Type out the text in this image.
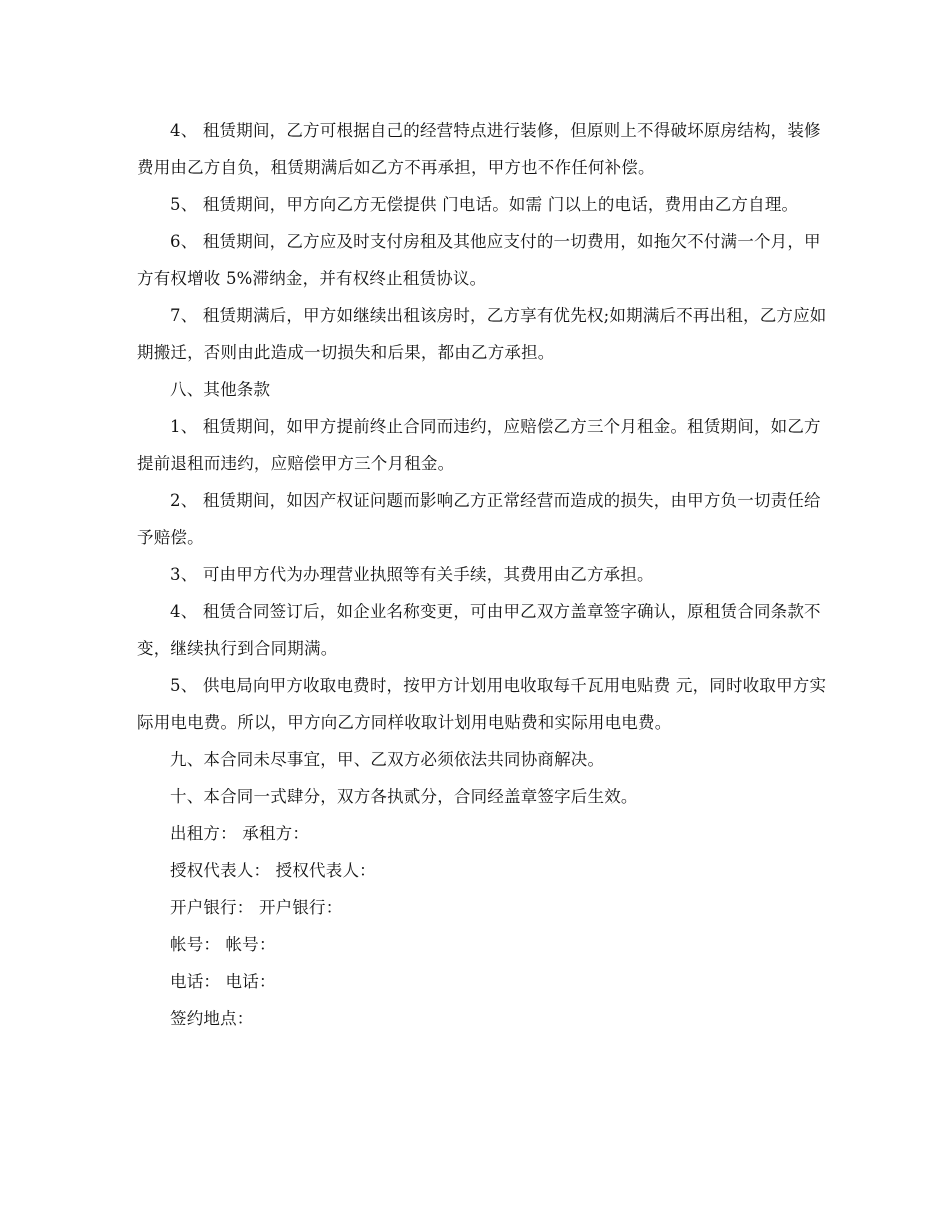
4、 租赁期间，乙方可根据自己的经营特点进行装修，但原则上不得破坏原房结构，装修费用由乙方自负，租赁期满后如乙方不再承担，甲方也不作任何补偿。

5、 租赁期间，甲方向乙方无偿提供 门电话。如需 门以上的电话，费用由乙方自理。

6、 租赁期间，乙方应及时支付房租及其他应支付的一切费用，如拖欠不付满一个月，甲方有权增收 5%滞纳金，并有权终止租赁协议。

7、 租赁期满后，甲方如继续出租该房时，乙方享有优先权;如期满后不再出租，乙方应如期搬迁，否则由此造成一切损失和后果，都由乙方承担。

八、其他条款

1、 租赁期间，如甲方提前终止合同而违约，应赔偿乙方三个月租金。租赁期间，如乙方提前退租而违约，应赔偿甲方三个月租金。

2、 租赁期间，如因产权证问题而影响乙方正常经营而造成的损失，由甲方负一切责任给予赔偿。

3、 可由甲方代为办理营业执照等有关手续，其费用由乙方承担。

4、 租赁合同签订后，如企业名称变更，可由甲乙双方盖章签字确认，原租赁合同条款不变，继续执行到合同期满。

5、 供电局向甲方收取电费时，按甲方计划用电收取每千瓦用电贴费 元，同时收取甲方实际用电电费。所以，甲方向乙方同样收取计划用电贴费和实际用电电费。

九、本合同未尽事宜，甲、乙双方必须依法共同协商解决。

十、本合同一式肆分，双方各执贰分，合同经盖章签字后生效。

出租方： 承租方：

授权代表人： 授权代表人：

开户银行： 开户银行：

帐号： 帐号：

电话： 电话：

签约地点：
